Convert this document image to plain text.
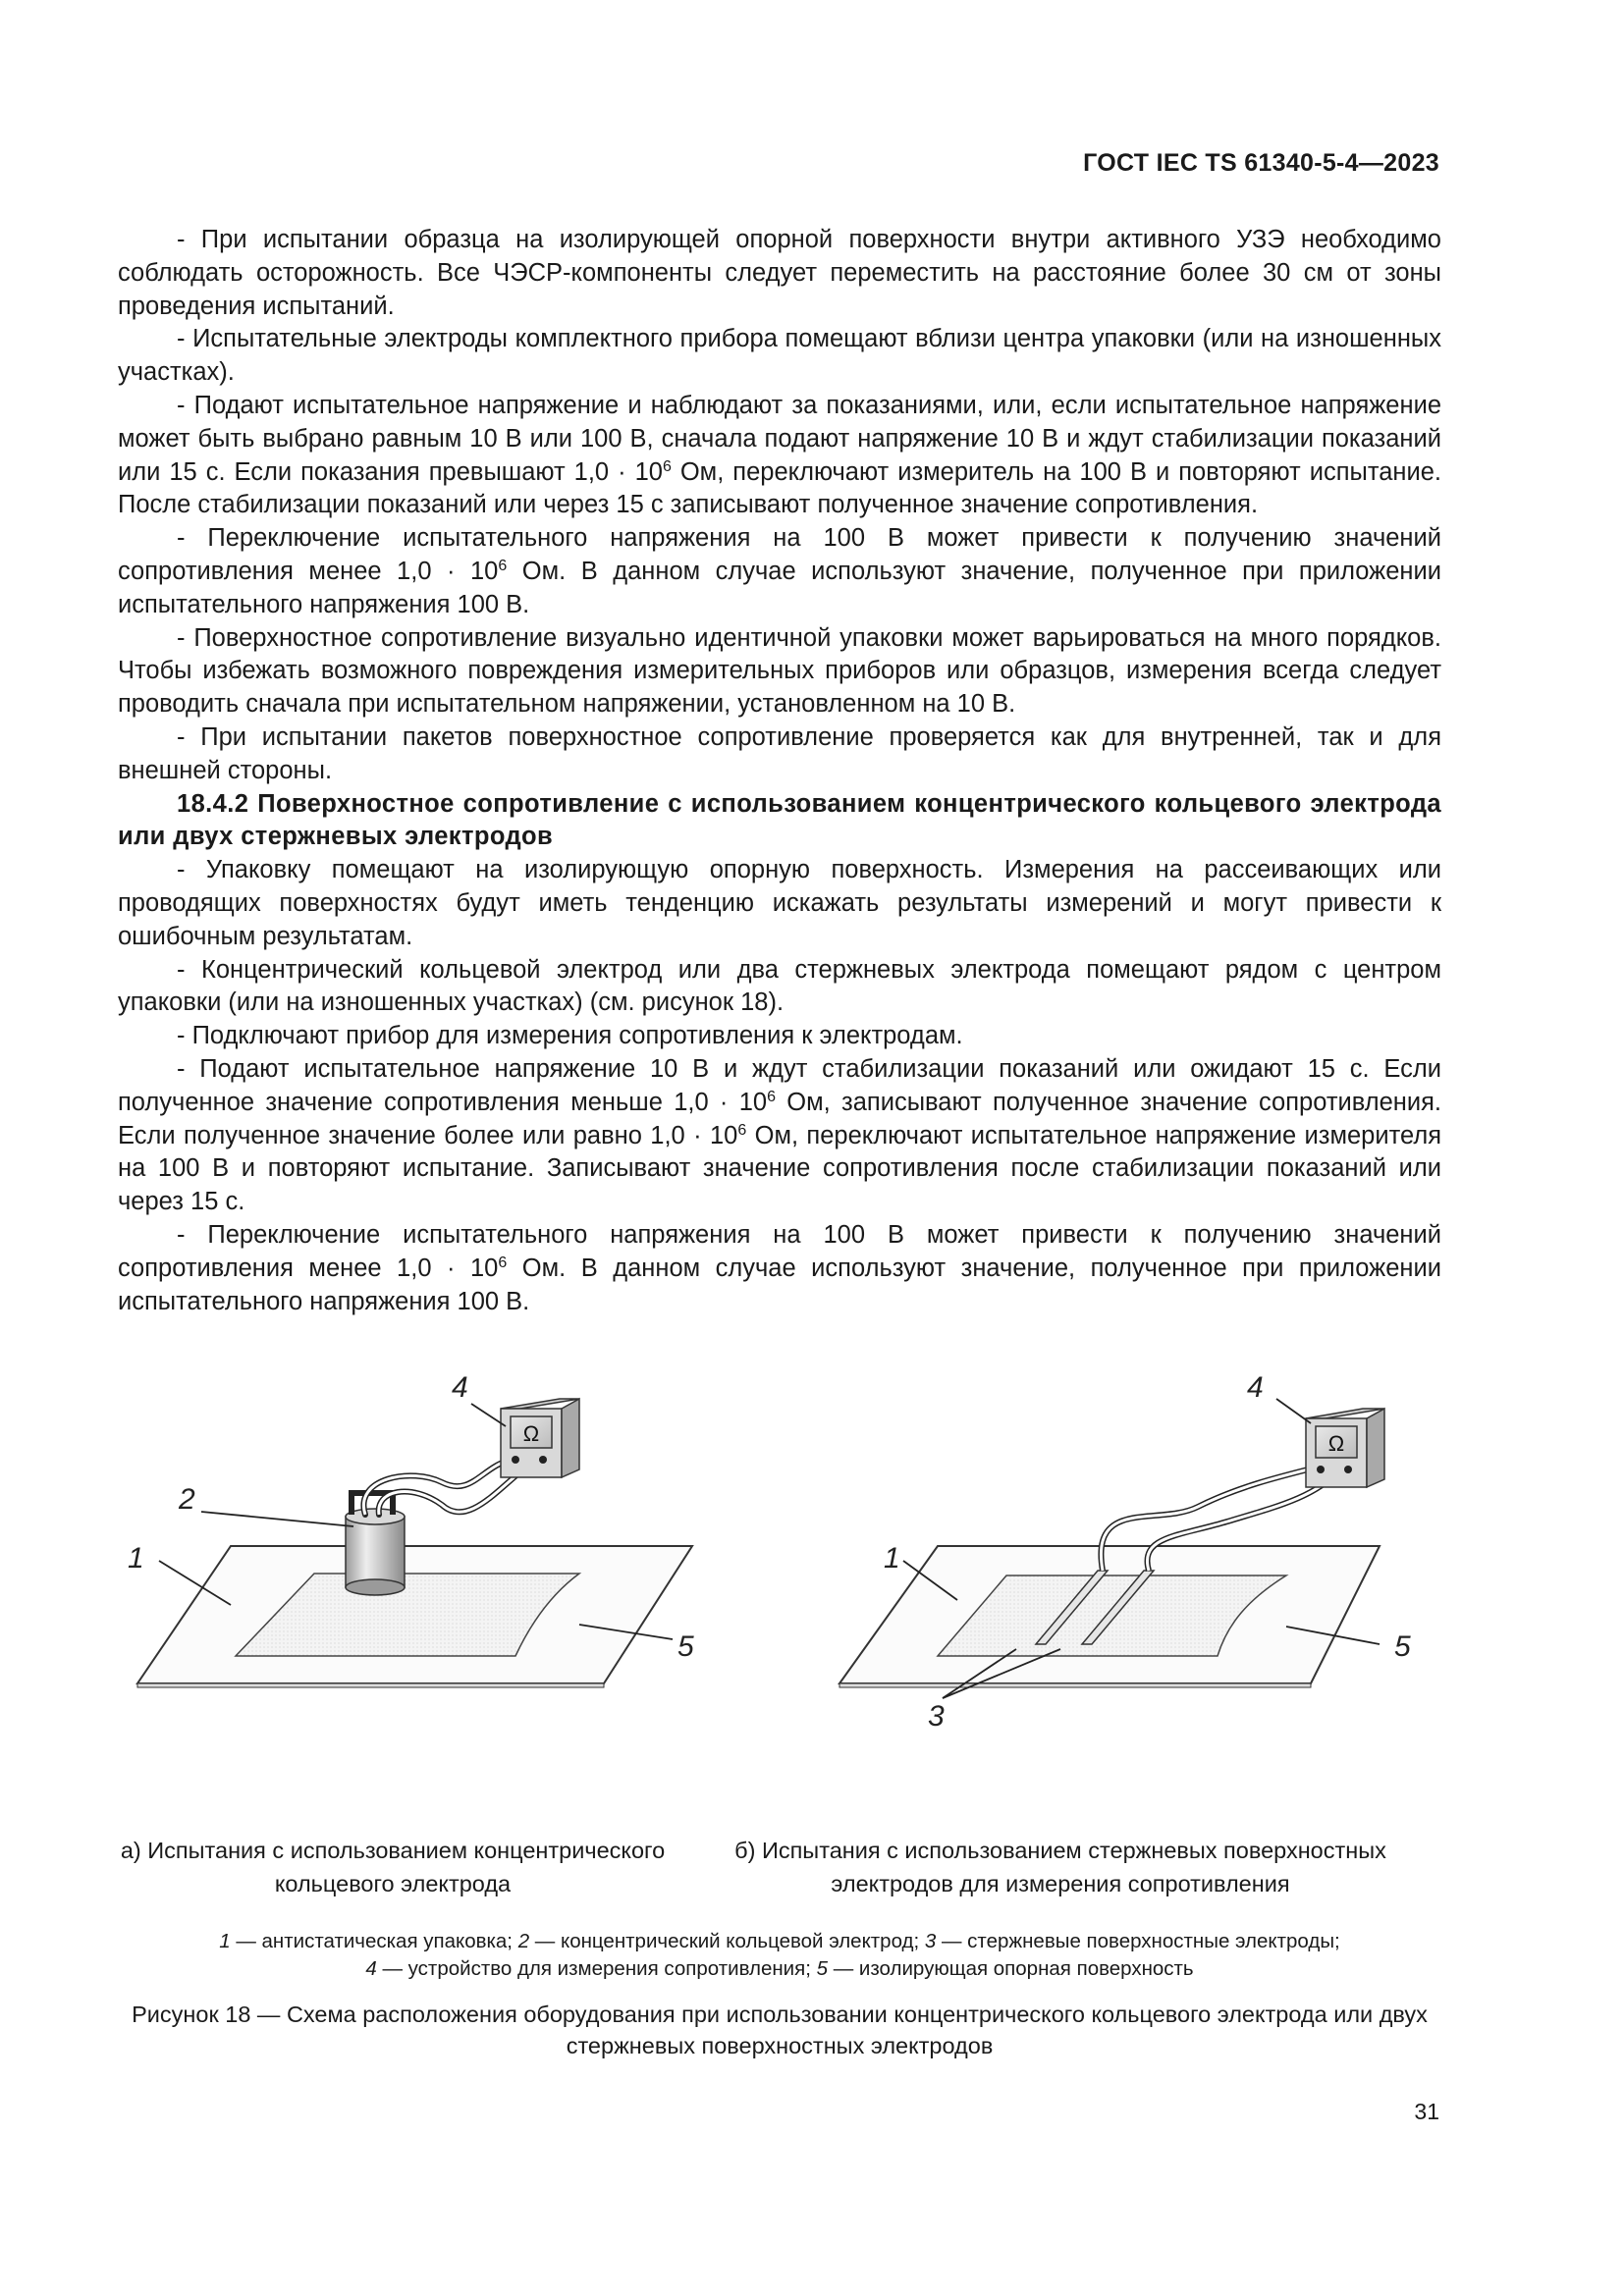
ГОСТ IEC TS 61340-5-4—2023

- При испытании образца на изолирующей опорной поверхности внутри активного УЗЭ необходимо соблюдать осторожность. Все ЧЭСР-компоненты следует переместить на расстояние более 30 см от зоны проведения испытаний.

- Испытательные электроды комплектного прибора помещают вблизи центра упаковки (или на изношенных участках).

- Подают испытательное напряжение и наблюдают за показаниями, или, если испытательное напряжение может быть выбрано равным 10 В или 100 В, сначала подают напряжение 10 В и ждут стабилизации показаний или 15 с. Если показания превышают $1,0 \cdot 10^6$ Ом, переключают измеритель на 100 В и повторяют испытание. После стабилизации показаний или через 15 с записывают полученное значение сопротивления.

- Переключение испытательного напряжения на 100 В может привести к получению значений сопротивления менее $1,0 \cdot 10^6$ Ом. В данном случае используют значение, полученное при приложении испытательного напряжения 100 В.

- Поверхностное сопротивление визуально идентичной упаковки может варьироваться на много порядков. Чтобы избежать возможного повреждения измерительных приборов или образцов, измерения всегда следует проводить сначала при испытательном напряжении, установленном на 10 В.

- При испытании пакетов поверхностное сопротивление проверяется как для внутренней, так и для внешней стороны.

18.4.2 Поверхностное сопротивление с использованием концентрического кольцевого электрода или двух стержневых электродов

- Упаковку помещают на изолирующую опорную поверхность. Измерения на рассеивающих или проводящих поверхностях будут иметь тенденцию искажать результаты измерений и могут привести к ошибочным результатам.

- Концентрический кольцевой электрод или два стержневых электрода помещают рядом с центром упаковки (или на изношенных участках) (см. рисунок 18).

- Подключают прибор для измерения сопротивления к электродам.

- Подают испытательное напряжение 10 В и ждут стабилизации показаний или ожидают 15 с. Если полученное значение сопротивления меньше $1,0 \cdot 10^6$ Ом, записывают полученное значение сопротивления. Если полученное значение более или равно $1,0 \cdot 10^6$ Ом, переключают испытательное напряжение измерителя на 100 В и повторяют испытание. Записывают значение сопротивления после стабилизации показаний или через 15 с.

- Переключение испытательного напряжения на 100 В может привести к получению значений сопротивления менее $1,0 \cdot 10^6$ Ом. В данном случае используют значение, полученное при приложении испытательного напряжения 100 В.

Ω
1
2
4
5
Ω
1
4
5
3
а) Испытания с использованием концентрического кольцевого электрода
б) Испытания с использованием стержневых поверхностных электродов для измерения сопротивления
1 — антистатическая упаковка; 2 — концентрический кольцевой электрод; 3 — стержневые поверхностные электроды;
4 — устройство для измерения сопротивления; 5 — изолирующая опорная поверхность
Рисунок 18 — Схема расположения оборудования при использовании концентрического кольцевого электрода или двух стержневых поверхностных электродов
31
